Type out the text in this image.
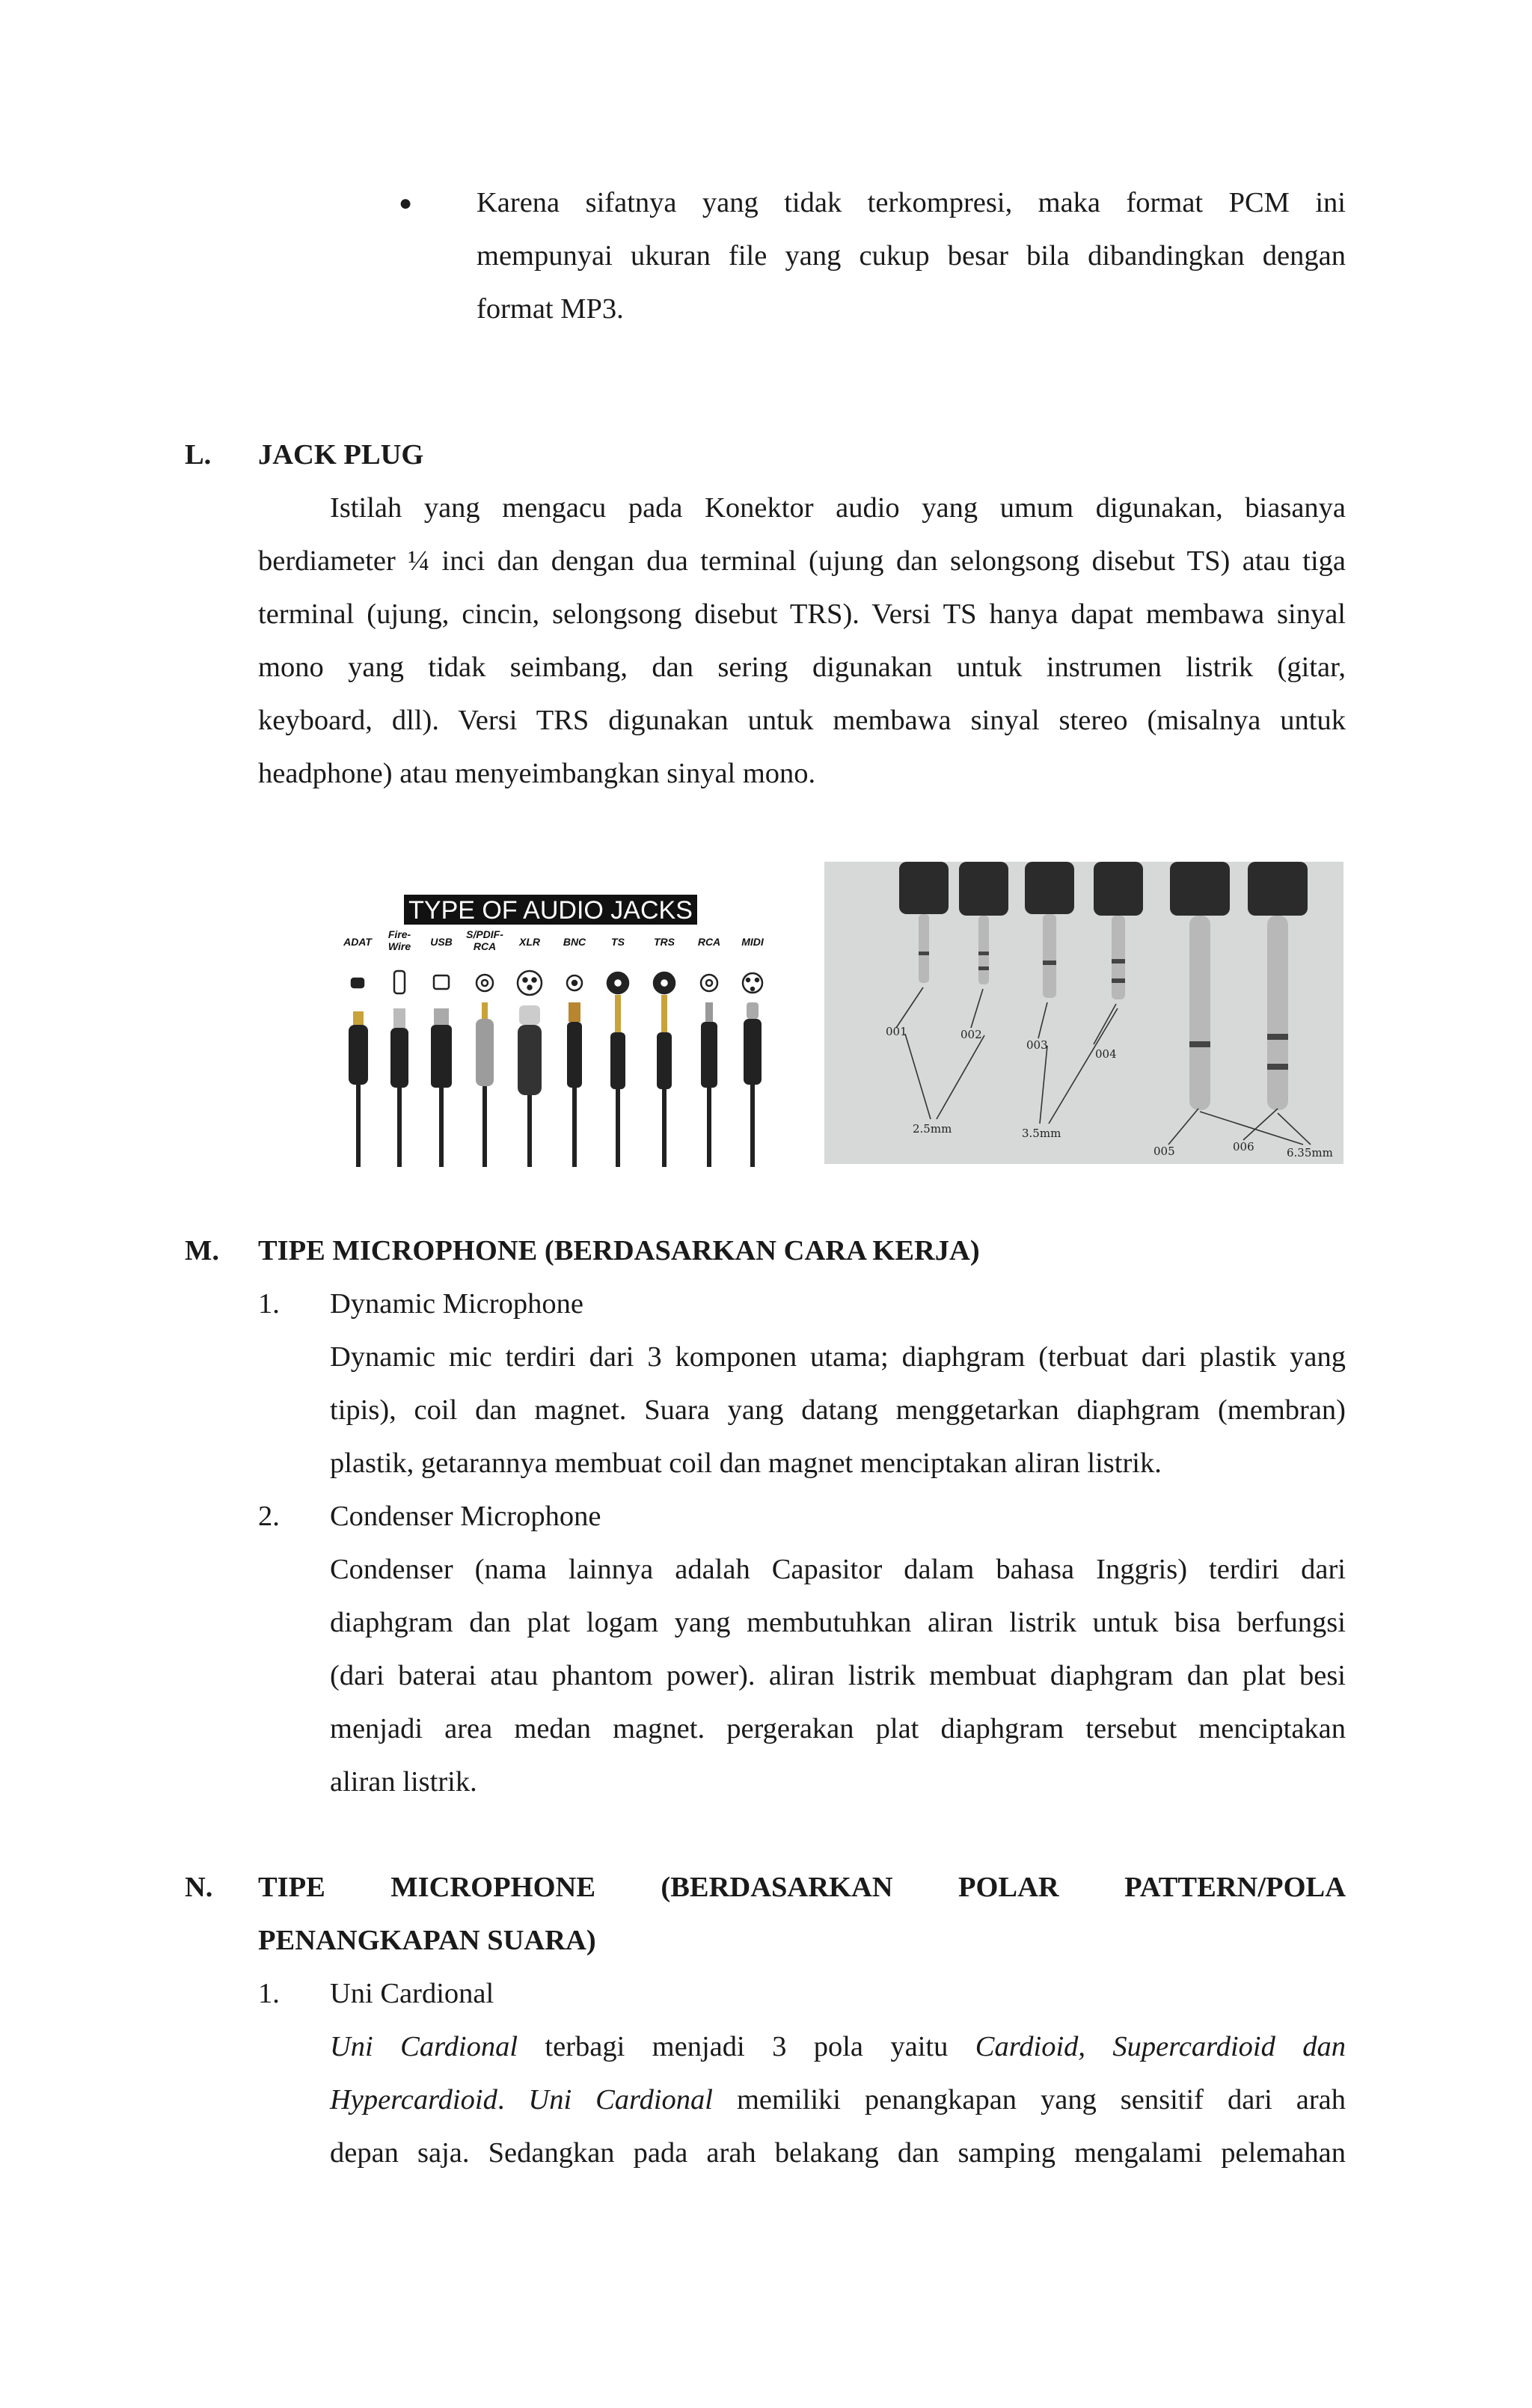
● Karena sifatnya yang tidak terkompresi, maka format PCM ini
mempunyai ukuran file yang cukup besar bila dibandingkan dengan
format MP3.
L. JACK PLUG
Istilah yang mengacu pada Konektor audio yang umum digunakan, biasanya
berdiameter ¼ inci dan dengan dua terminal (ujung dan selongsong disebut TS) atau tiga
terminal (ujung, cincin, selongsong disebut TRS). Versi TS hanya dapat membawa sinyal
mono yang tidak seimbang, dan sering digunakan untuk instrumen listrik (gitar,
keyboard, dll). Versi TRS digunakan untuk membawa sinyal stereo (misalnya untuk
headphone) atau menyeimbangkan sinyal mono.
TYPE OF AUDIO JACKS
ADAT
Fire-
Wire USB
S/PDIF-
RCA XLR BNC TS	TRS RCA MIDI
001	002
003
004
005	006
2.5mm	3.5mm
6.35mm
M. TIPE MICROPHONE (BERDASARKAN CARA KERJA)
1. Dynamic Microphone
Dynamic mic terdiri dari 3 komponen utama; diaphgram (terbuat dari plastik yang
tipis), coil dan magnet. Suara yang datang menggetarkan diaphgram (membran)
plastik, getarannya membuat coil dan magnet menciptakan aliran listrik.
2. Condenser Microphone
Condenser (nama lainnya adalah Capasitor dalam bahasa Inggris) terdiri dari
diaphgram dan plat logam yang membutuhkan aliran listrik untuk bisa berfungsi
(dari baterai atau phantom power). aliran listrik membuat diaphgram dan plat besi
menjadi area medan magnet. pergerakan plat diaphgram tersebut menciptakan
aliran listrik.
N. TIPE MICROPHONE (BERDASARKAN POLAR PATTERN/POLA
PENANGKAPAN SUARA)
1. Uni Cardional
Uni Cardional terbagi menjadi 3 pola yaitu Cardioid, Supercardioid dan
Hypercardioid. Uni Cardional memiliki penangkapan yang sensitif dari arah
depan saja. Sedangkan pada arah belakang dan samping mengalami pelemahan
